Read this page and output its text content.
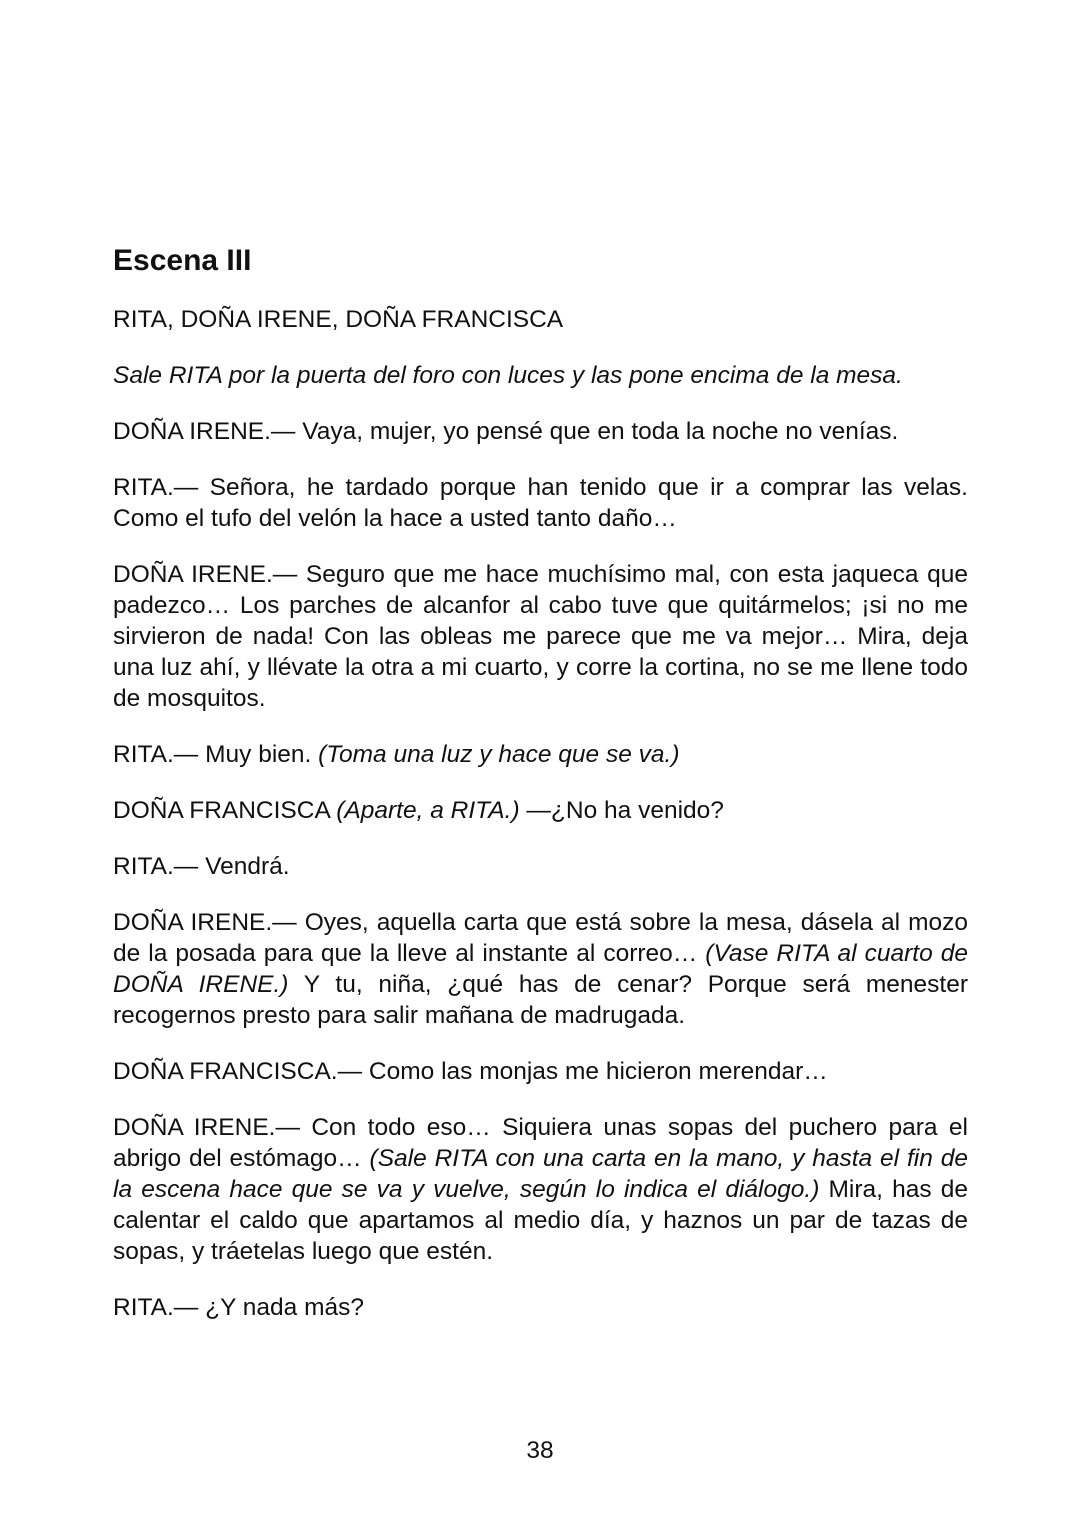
Escena III

RITA, DOÑA IRENE, DOÑA FRANCISCA

Sale RITA por la puerta del foro con luces y las pone encima de la mesa.

DOÑA IRENE.— Vaya, mujer, yo pensé que en toda la noche no venías.

RITA.— Señora, he tardado porque han tenido que ir a comprar las velas. Como el tufo del velón la hace a usted tanto daño…

DOÑA IRENE.— Seguro que me hace muchísimo mal, con esta jaqueca que padezco… Los parches de alcanfor al cabo tuve que quitármelos; ¡si no me sirvieron de nada! Con las obleas me parece que me va mejor… Mira, deja una luz ahí, y llévate la otra a mi cuarto, y corre la cortina, no se me llene todo de mosquitos.

RITA.— Muy bien. (Toma una luz y hace que se va.)

DOÑA FRANCISCA (Aparte, a RITA.) —¿No ha venido?

RITA.— Vendrá.

DOÑA IRENE.— Oyes, aquella carta que está sobre la mesa, dásela al mozo de la posada para que la lleve al instante al correo… (Vase RITA al cuarto de DOÑA IRENE.) Y tu, niña, ¿qué has de cenar? Porque será menester recogernos presto para salir mañana de madrugada.

DOÑA FRANCISCA.— Como las monjas me hicieron merendar…

DOÑA IRENE.— Con todo eso… Siquiera unas sopas del puchero para el abrigo del estómago… (Sale RITA con una carta en la mano, y hasta el fin de la escena hace que se va y vuelve, según lo indica el diálogo.) Mira, has de calentar el caldo que apartamos al medio día, y haznos un par de tazas de sopas, y tráetelas luego que estén.

RITA.— ¿Y nada más?

38
